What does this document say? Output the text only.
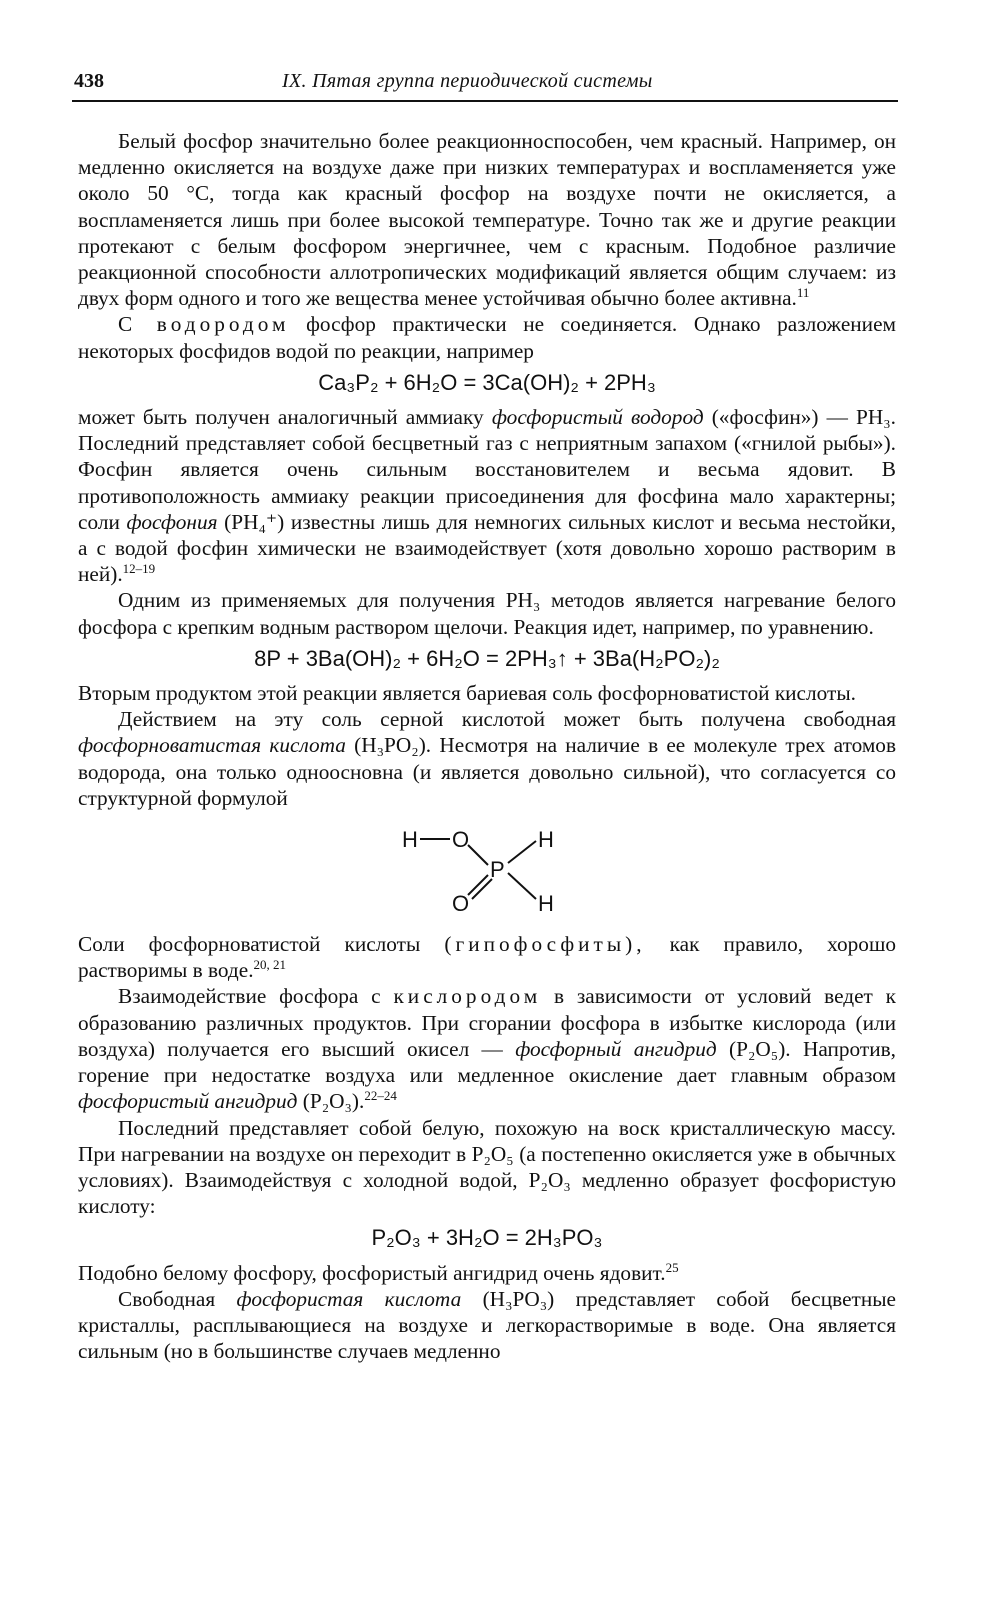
438	IX. Пятая группа периодической системы

Белый фосфор значительно более реакционноспособен, чем красный. Например, он медленно окисляется на воздухе даже при низких температурах и воспламеняется уже около 50 °С, тогда как красный фосфор на воздухе почти не окисляется, а воспламеняется лишь при более высокой температуре. Точно так же и другие реакции протекают с белым фосфором энергичнее, чем с красным. Подобное различие реакционной способности аллотропических модификаций является общим случаем: из двух форм одного и того же вещества менее устойчивая обычно более активна.$^{11}$

С водородом фосфор практически не соединяется. Однако разложением некоторых фосфидов водой по реакции, например

Ca₃P₂ + 6H₂O = 3Ca(OH)₂ + 2PH₃

может быть получен аналогичный аммиаку фосфористый водород («фосфин») — PH₃. Последний представляет собой бесцветный газ с неприятным запахом («гнилой рыбы»). Фосфин является очень сильным восстановителем и весьма ядовит. В противоположность аммиаку реакции присоединения для фосфина мало характерны; соли фосфония (PH₄⁺) известны лишь для немногих сильных кислот и весьма нестойки, а с водой фосфин химически не взаимодействует (хотя довольно хорошо растворим в ней).$^{12-19}$

Одним из применяемых для получения PH₃ методов является нагревание белого фосфора с крепким водным раствором щелочи. Реакция идет, например, по уравнению.

8P + 3Ba(OH)₂ + 6H₂O = 2PH₃↑ + 3Ba(H₂PO₂)₂

Вторым продуктом этой реакции является бариевая соль фосфорноватистой кислоты.

Действием на эту соль серной кислотой может быть получена свободная фосфорноватистая кислота (H₃PO₂). Несмотря на наличие в ее молекуле трех атомов водорода, она только одноосновна (и является довольно сильной), что согласуется со структурной формулой

H O
P
O
H
H

Соли фосфорноватистой кислоты (гипофосфиты), как правило, хорошо растворимы в воде.$^{20, 21}$

Взаимодействие фосфора с кислородом в зависимости от условий ведет к образованию различных продуктов. При сгорании фосфора в избытке кислорода (или воздуха) получается его высший окисел — фосфорный ангидрид (P₂O₅). Напротив, горение при недостатке воздуха или медленное окисление дает главным образом фосфористый ангидрид (P₂O₃).$^{22-24}$

Последний представляет собой белую, похожую на воск кристаллическую массу. При нагревании на воздухе он переходит в P₂O₅ (а постепенно окисляется уже в обычных условиях). Взаимодействуя с холодной водой, P₂O₃ медленно образует фосфористую кислоту:

P₂O₃ + 3H₂O = 2H₃PO₃

Подобно белому фосфору, фосфористый ангидрид очень ядовит.$^{25}$

Свободная фосфористая кислота (H₃PO₃) представляет собой бесцветные кристаллы, расплывающиеся на воздухе и легкорастворимые в воде. Она является сильным (но в большинстве случаев медленно
